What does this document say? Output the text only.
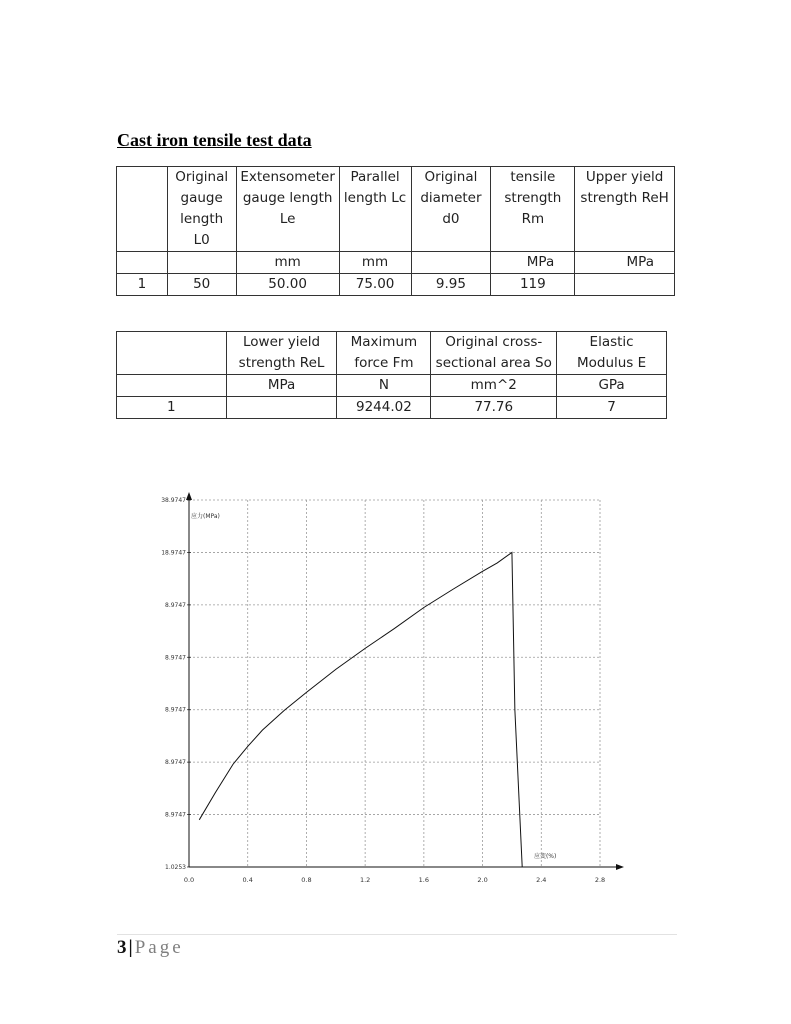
Cast iron tensile test data
	Original gauge length L0	Extensometer gauge length Le	Parallel length Lc	Original diameter d0	tensile strength Rm	Upper yield strength ReH
		mm	mm		MPa	MPa
1	50	50.00	75.00	9.95	119	
	Lower yield strength ReL	Maximum force Fm	Original cross-sectional area So	Elastic Modulus E
	MPa	N	mm^2	GPa
1		9244.02	77.76	7
0.0	0.4	0.8	1.2	1.6	2.0	2.4	2.8
1.0253
8.9747
8.9747
8.9747
8.9747
8.9747
18.9747
38.9747
应力(MPa)
应变(%)
3 | Page
